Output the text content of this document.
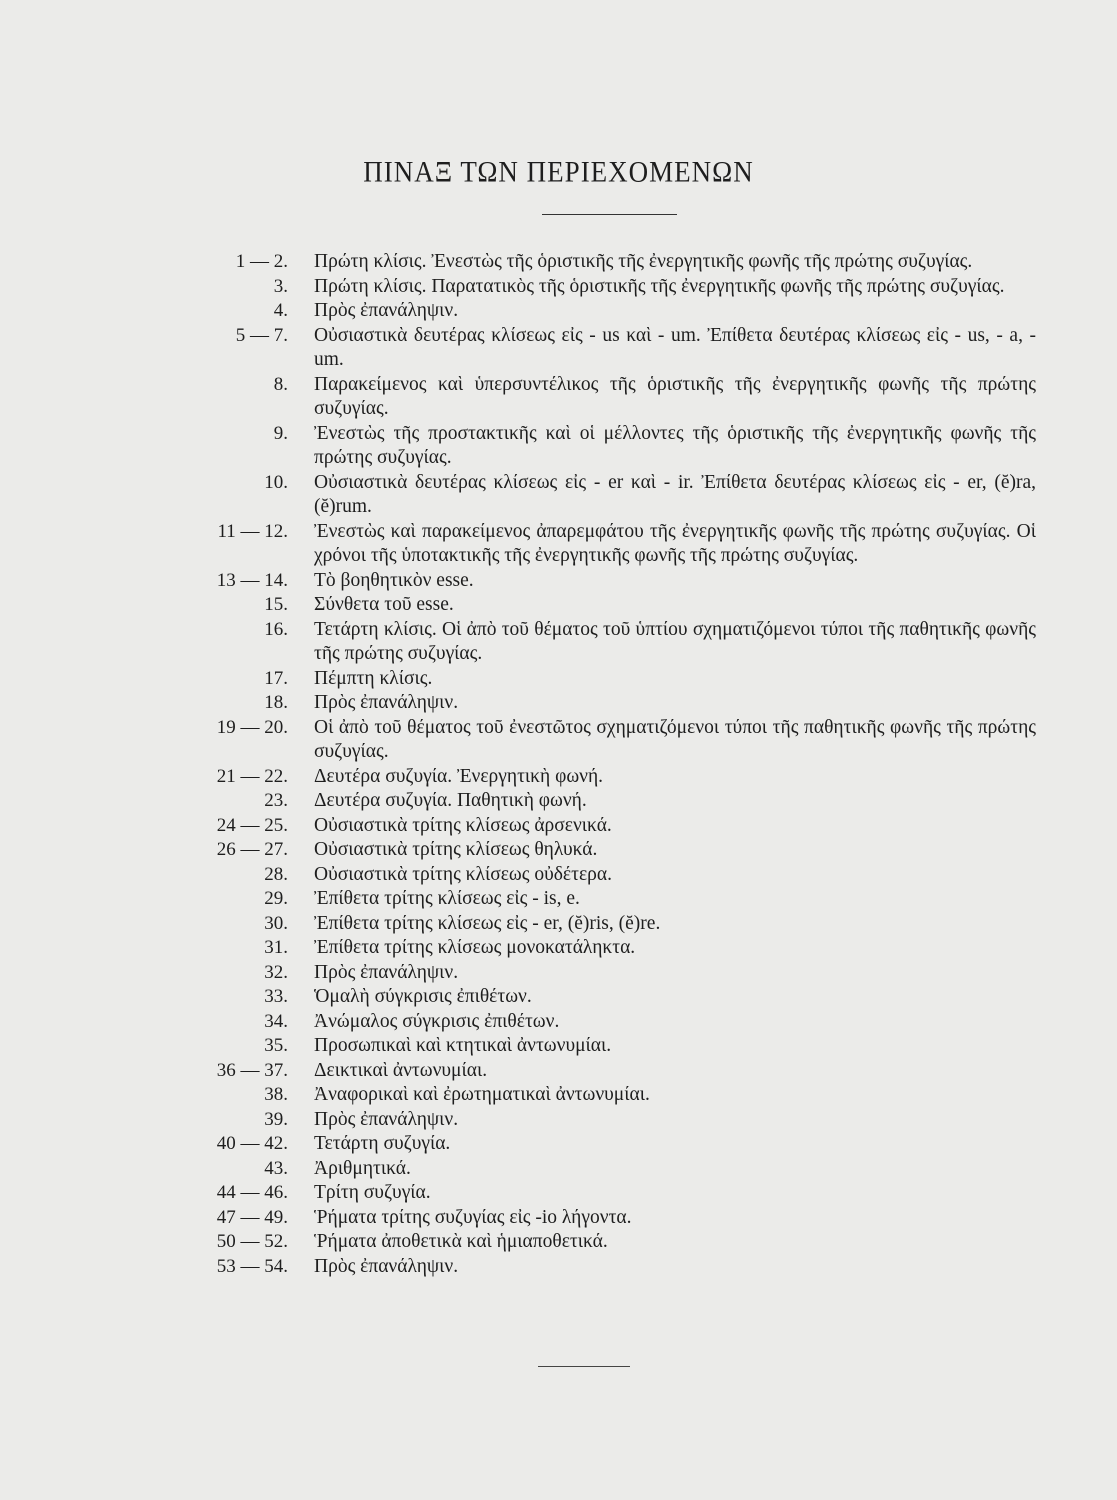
ΠΙΝΑΞ ΤΩΝ ΠΕΡΙΕΧΟΜΕΝΩΝ
1 — 2. Πρώτη κλίσις. Ἐνεστὼς τῆς ὁριστικῆς τῆς ἐνεργητικῆς φωνῆς τῆς πρώτης συζυγίας.
3. Πρώτη κλίσις. Παρατατικὸς τῆς ὁριστικῆς τῆς ἐνεργητικῆς φωνῆς τῆς πρώτης συζυγίας.
4. Πρὸς ἐπανάληψιν.
5 — 7. Οὐσιαστικὰ δευτέρας κλίσεως εἰς - us καὶ - um. Ἐπίθετα δευτέρας κλίσεως εἰς - us, - a, - um.
8. Παρακείμενος καὶ ὑπερσυντέλικος τῆς ὁριστικῆς τῆς ἐνεργητικῆς φωνῆς τῆς πρώτης συζυγίας.
9. Ἐνεστὼς τῆς προστακτικῆς καὶ οἱ μέλλοντες τῆς ὁριστικῆς τῆς ἐνεργητικῆς φωνῆς τῆς πρώτης συζυγίας.
10. Οὐσιαστικὰ δευτέρας κλίσεως εἰς - er καὶ - ir. Ἐπίθετα δευτέρας κλίσεως εἰς - er, (ĕ)ra, (ĕ)rum.
11 — 12. Ἐνεστὼς καὶ παρακείμενος ἀπαρεμφάτου τῆς ἐνεργητικῆς φωνῆς τῆς πρώτης συζυγίας. Οἱ χρόνοι τῆς ὑποτακτικῆς τῆς ἐνεργητικῆς φωνῆς τῆς πρώτης συζυγίας.
13 — 14. Τὸ βοηθητικὸν esse.
15. Σύνθετα τοῦ esse.
16. Τετάρτη κλίσις. Οἱ ἀπὸ τοῦ θέματος τοῦ ὑπτίου σχηματιζόμενοι τύποι τῆς παθητικῆς φωνῆς τῆς πρώτης συζυγίας.
17. Πέμπτη κλίσις.
18. Πρὸς ἐπανάληψιν.
19 — 20. Οἱ ἀπὸ τοῦ θέματος τοῦ ἐνεστῶτος σχηματιζόμενοι τύποι τῆς παθητικῆς φωνῆς τῆς πρώτης συζυγίας.
21 — 22. Δευτέρα συζυγία. Ἐνεργητικὴ φωνή.
23. Δευτέρα συζυγία. Παθητικὴ φωνή.
24 — 25. Οὐσιαστικὰ τρίτης κλίσεως ἀρσενικά.
26 — 27. Οὐσιαστικὰ τρίτης κλίσεως θηλυκά.
28. Οὐσιαστικὰ τρίτης κλίσεως οὐδέτερα.
29. Ἐπίθετα τρίτης κλίσεως εἰς - is, e.
30. Ἐπίθετα τρίτης κλίσεως εἰς - er, (ĕ)ris, (ĕ)re.
31. Ἐπίθετα τρίτης κλίσεως μονοκατάληκτα.
32. Πρὸς ἐπανάληψιν.
33. Ὁμαλὴ σύγκρισις ἐπιθέτων.
34. Ἀνώμαλος σύγκρισις ἐπιθέτων.
35. Προσωπικαὶ καὶ κτητικαὶ ἀντωνυμίαι.
36 — 37. Δεικτικαὶ ἀντωνυμίαι.
38. Ἀναφορικαὶ καὶ ἐρωτηματικαὶ ἀντωνυμίαι.
39. Πρὸς ἐπανάληψιν.
40 — 42. Τετάρτη συζυγία.
43. Ἀριθμητικά.
44 — 46. Τρίτη συζυγία.
47 — 49. Ῥήματα τρίτης συζυγίας εἰς -io λήγοντα.
50 — 52. Ῥήματα ἀποθετικὰ καὶ ἡμιαποθετικά.
53 — 54. Πρὸς ἐπανάληψιν.
